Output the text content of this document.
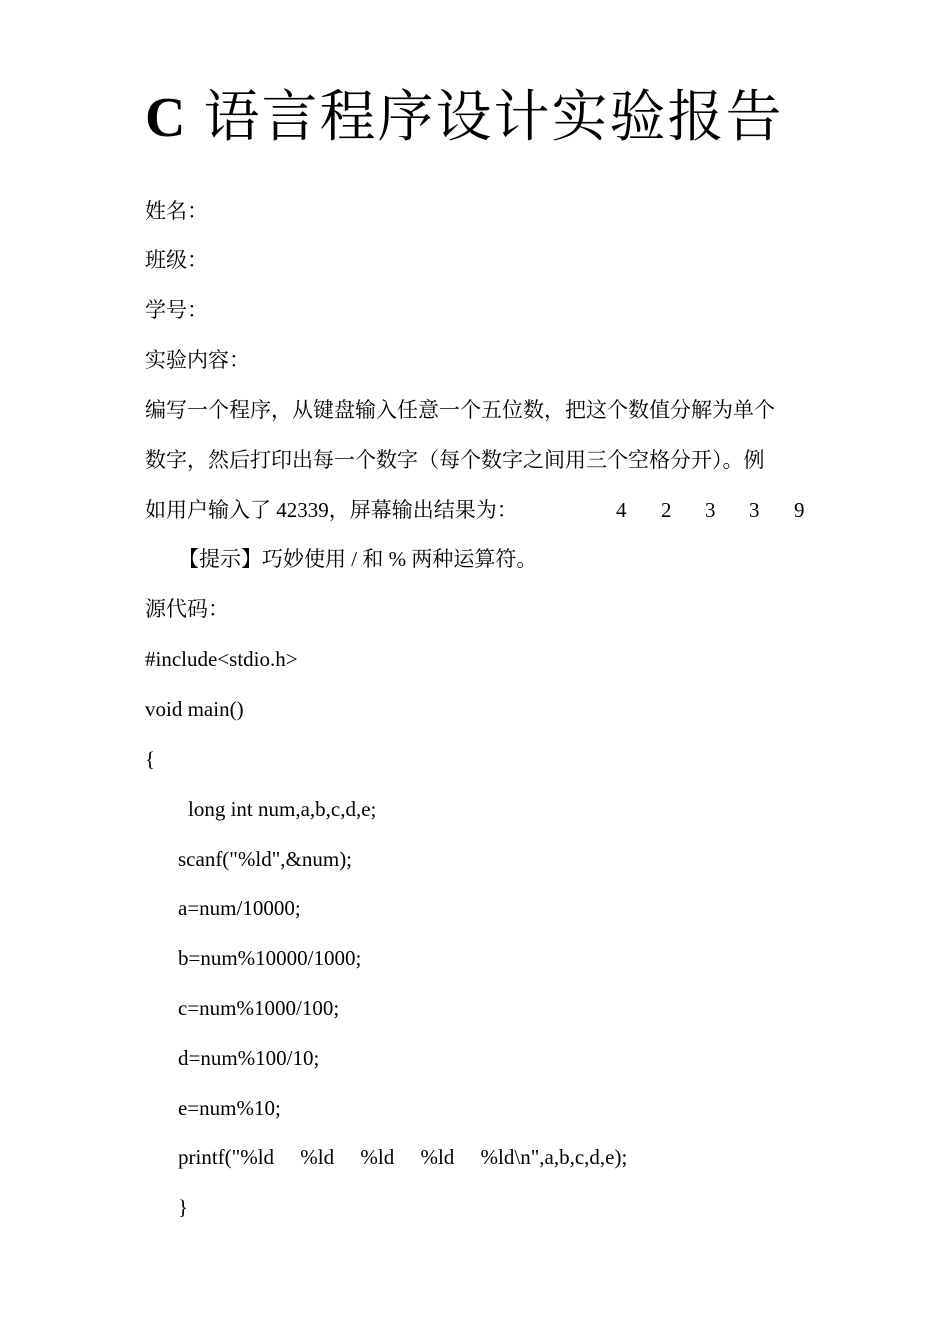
C 语言程序设计实验报告
姓名：
班级：
学号：
实验内容：
编写一个程序，从键盘输入任意一个五位数，把这个数值分解为单个
数字，然后打印出每一个数字（每个数字之间用三个空格分开）。例
如用户输入了 42339，屏幕输出结果为：	4 2 3 3 9
【提示】巧妙使用 / 和 % 两种运算符。
源代码：
#include<stdio.h>
void main()
{
long int num,a,b,c,d,e;
scanf("%ld",&num);
a=num/10000;
b=num%10000/1000;
c=num%1000/100;
d=num%100/10;
e=num%10;
printf("%ld     %ld     %ld     %ld     %ld\n",a,b,c,d,e);
}
